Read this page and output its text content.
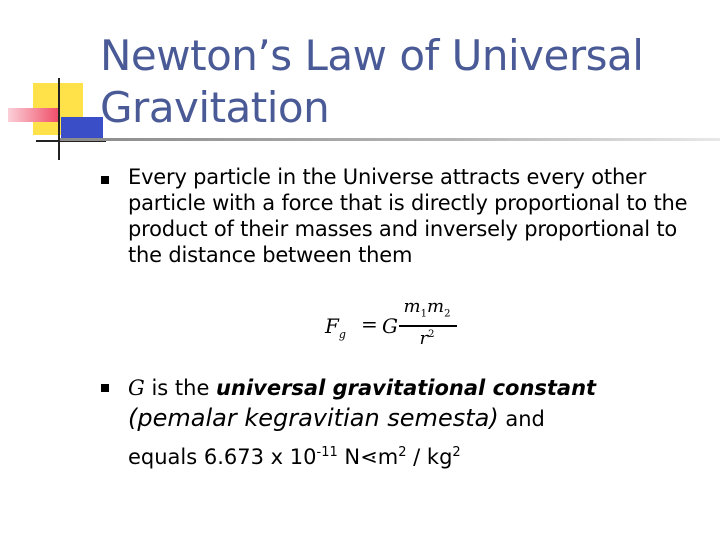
Newton’s Law of Universal
Gravitation
Every particle in the Universe attracts every other particle with a force that is directly proportional to the product of their masses and inversely proportional to the distance between them
$F_g = G$
$m_1m_2$
$r^2$
G is the universal gravitational constant
(pemalar kegravitian semesta) and
equals 6.673 x $10^{-11}$ $N⋖m^2 / kg^2$
